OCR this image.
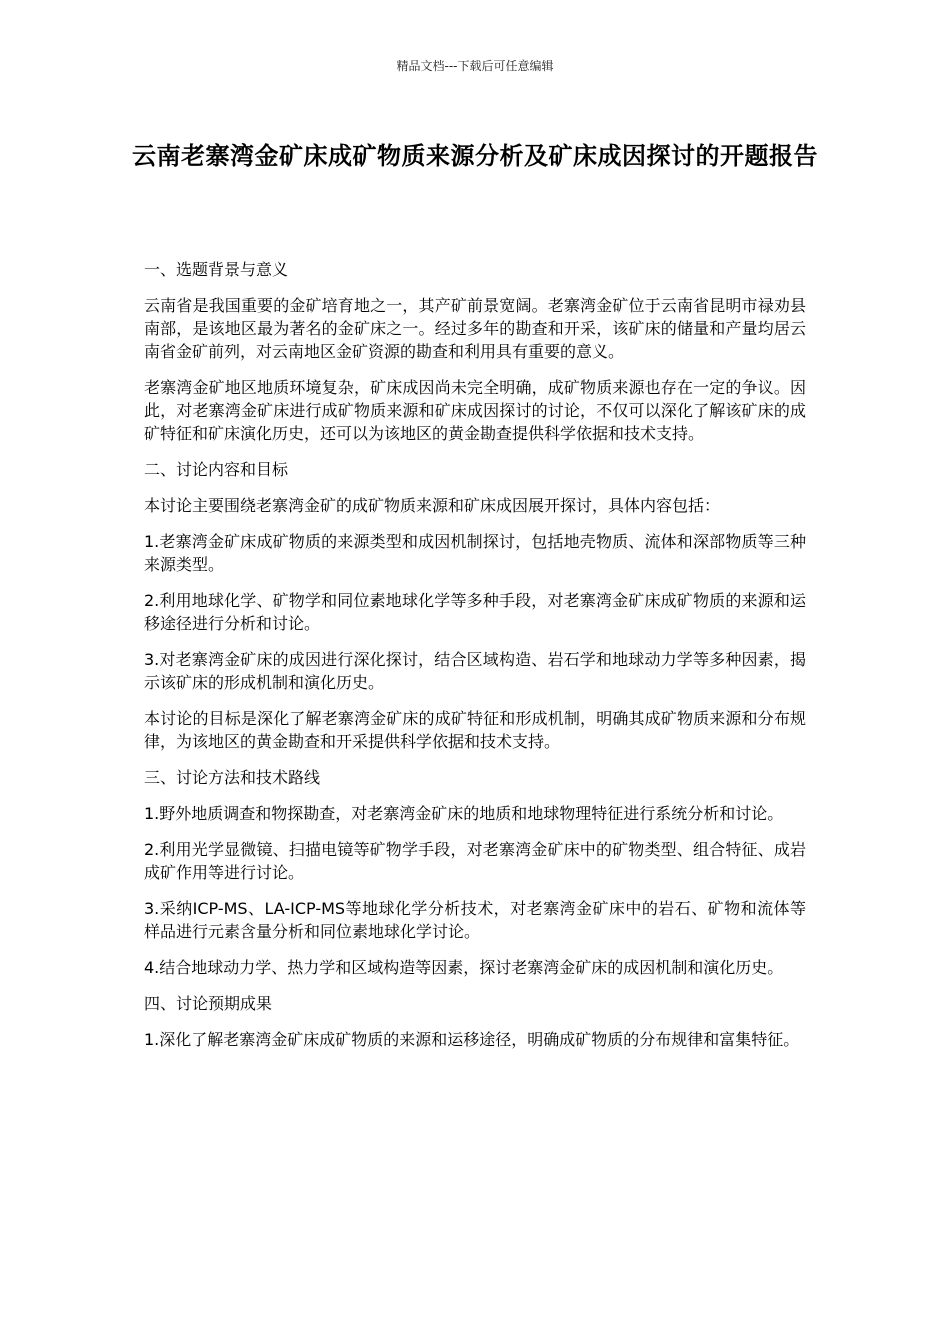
精品文档---下载后可任意编辑
云南老寨湾金矿床成矿物质来源分析及矿床成因探讨的开题报告
一、选题背景与意义
云南省是我国重要的金矿培育地之一，其产矿前景宽阔。老寨湾金矿位于云南省昆明市禄劝县南部，是该地区最为著名的金矿床之一。经过多年的勘查和开采，该矿床的储量和产量均居云南省金矿前列，对云南地区金矿资源的勘查和利用具有重要的意义。
老寨湾金矿地区地质环境复杂，矿床成因尚未完全明确，成矿物质来源也存在一定的争议。因此，对老寨湾金矿床进行成矿物质来源和矿床成因探讨的讨论，不仅可以深化了解该矿床的成矿特征和矿床演化历史，还可以为该地区的黄金勘查提供科学依据和技术支持。
二、讨论内容和目标
本讨论主要围绕老寨湾金矿的成矿物质来源和矿床成因展开探讨，具体内容包括：
1.老寨湾金矿床成矿物质的来源类型和成因机制探讨，包括地壳物质、流体和深部物质等三种来源类型。
2.利用地球化学、矿物学和同位素地球化学等多种手段，对老寨湾金矿床成矿物质的来源和运移途径进行分析和讨论。
3.对老寨湾金矿床的成因进行深化探讨，结合区域构造、岩石学和地球动力学等多种因素，揭示该矿床的形成机制和演化历史。
本讨论的目标是深化了解老寨湾金矿床的成矿特征和形成机制，明确其成矿物质来源和分布规律，为该地区的黄金勘查和开采提供科学依据和技术支持。
三、讨论方法和技术路线
1.野外地质调查和物探勘查，对老寨湾金矿床的地质和地球物理特征进行系统分析和讨论。
2.利用光学显微镜、扫描电镜等矿物学手段，对老寨湾金矿床中的矿物类型、组合特征、成岩成矿作用等进行讨论。
3.采纳ICP-MS、LA-ICP-MS等地球化学分析技术，对老寨湾金矿床中的岩石、矿物和流体等样品进行元素含量分析和同位素地球化学讨论。
4.结合地球动力学、热力学和区域构造等因素，探讨老寨湾金矿床的成因机制和演化历史。
四、讨论预期成果
1.深化了解老寨湾金矿床成矿物质的来源和运移途径，明确成矿物质的分布规律和富集特征。
